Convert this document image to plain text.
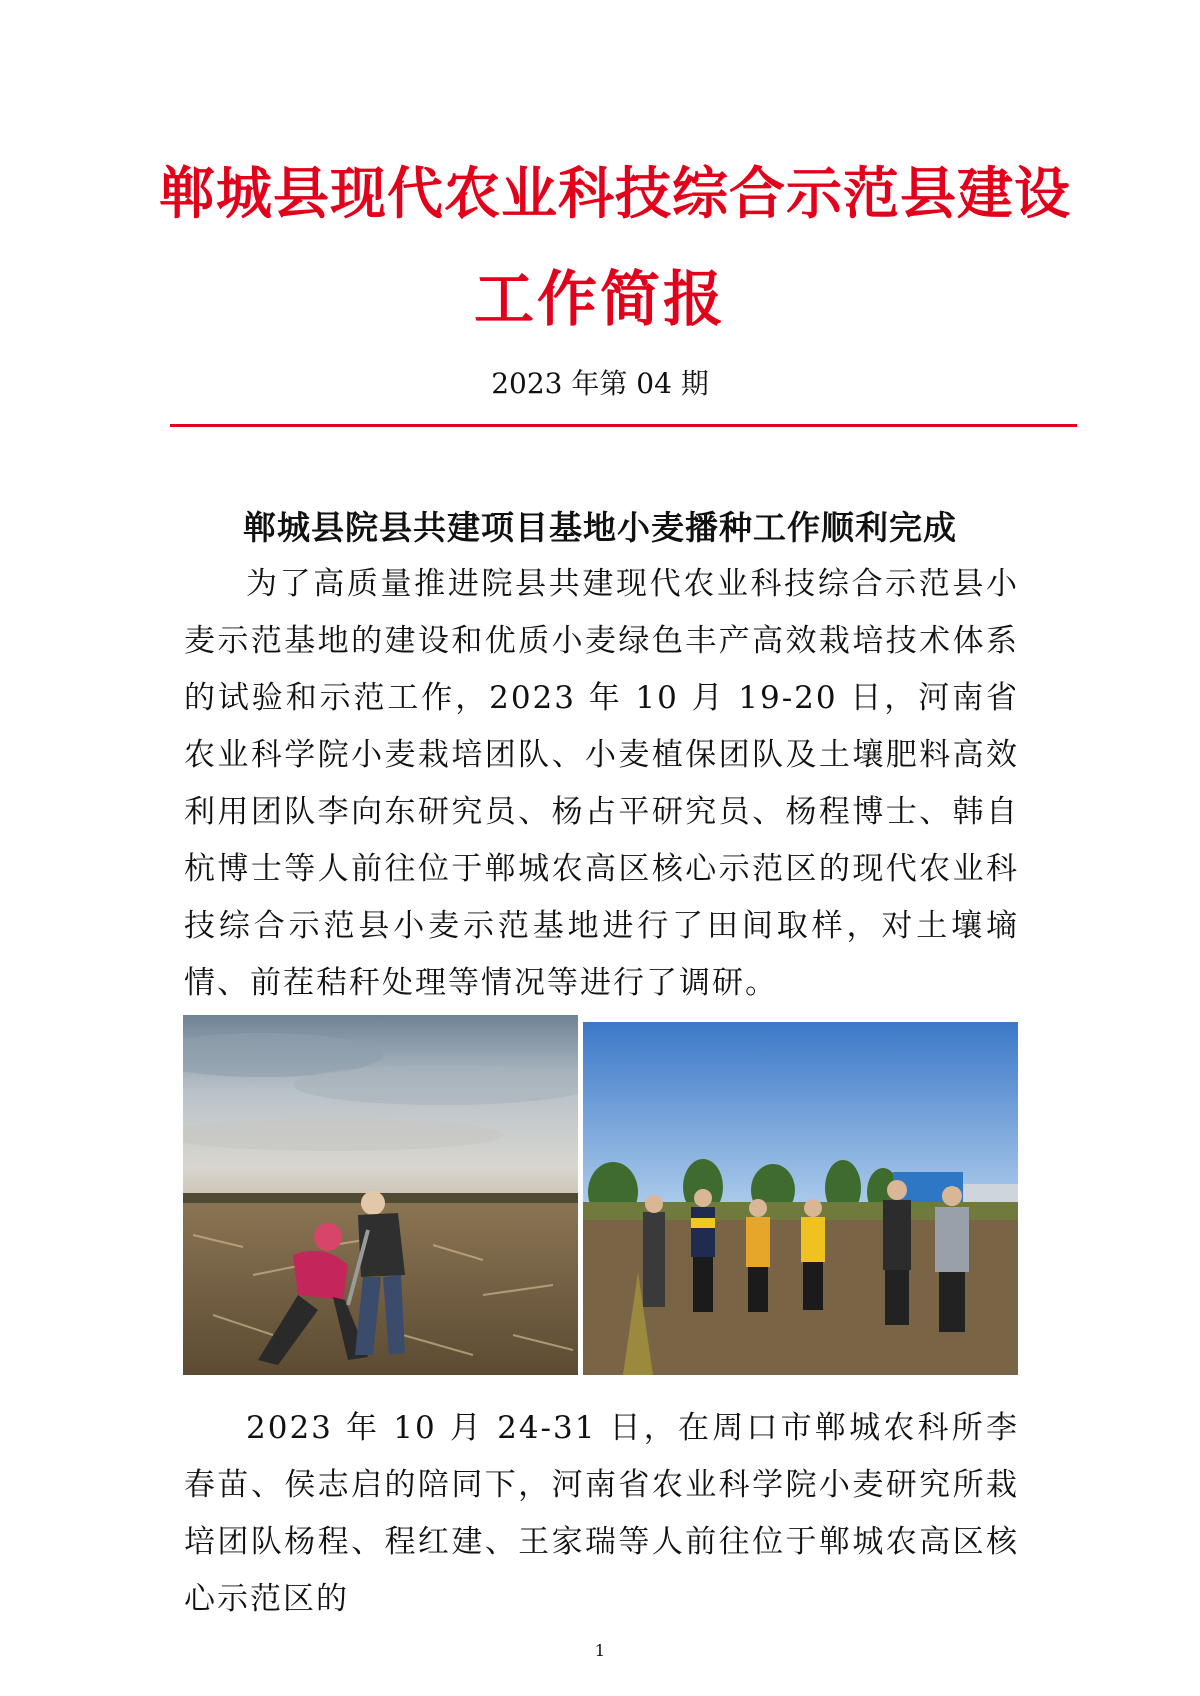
郸城县现代农业科技综合示范县建设
工作简报
2023 年第 04 期
郸城县院县共建项目基地小麦播种工作顺利完成

为了高质量推进院县共建现代农业科技综合示范县小麦示范基地的建设和优质小麦绿色丰产高效栽培技术体系的试验和示范工作，2023 年 10 月 19-20 日，河南省农业科学院小麦栽培团队、小麦植保团队及土壤肥料高效利用团队李向东研究员、杨占平研究员、杨程博士、韩自杭博士等人前往位于郸城农高区核心示范区的现代农业科技综合示范县小麦示范基地进行了田间取样，对土壤墒情、前茬秸秆处理等情况等进行了调研。

2023 年 10 月 24-31 日，在周口市郸城农科所李春苗、侯志启的陪同下，河南省农业科学院小麦研究所栽培团队杨程、程红建、王家瑞等人前往位于郸城农高区核心示范区的

1
